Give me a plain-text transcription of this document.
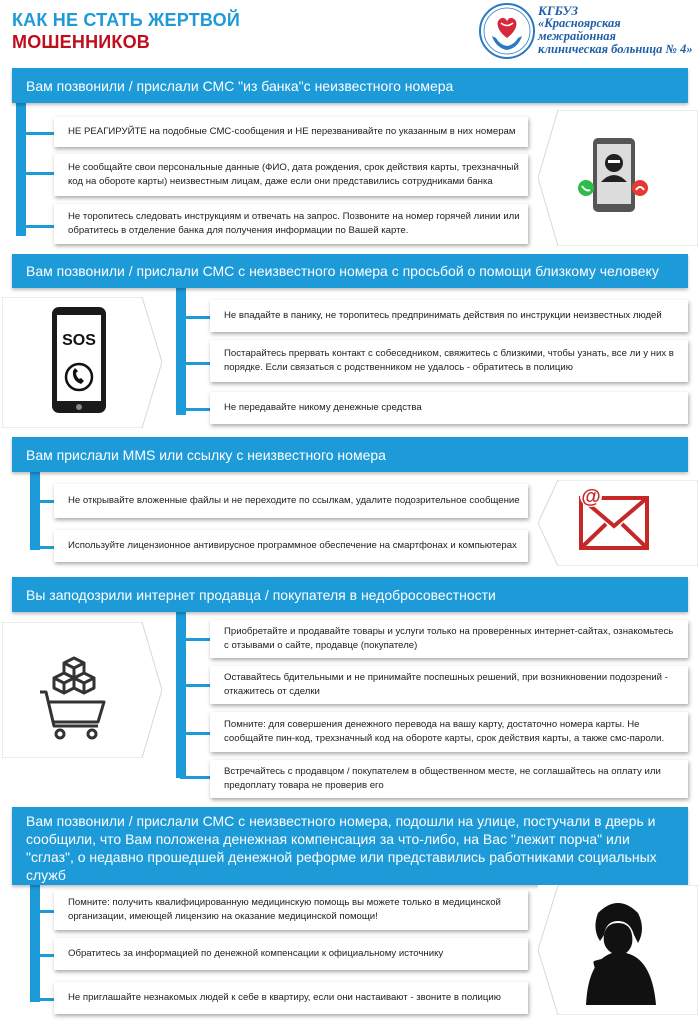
КАК НЕ СТАТЬ ЖЕРТВОЙ
МОШЕННИКОВ
КГБУЗ
«Красноярская межрайонная
клиническая больница № 4»
Вам позвонили / прислали СМС "из банка"с неизвестного номера
НЕ РЕАГИРУЙТЕ на подобные СМС-сообщения и НЕ перезванивайте по указанным в них номерам
Не сообщайте свои персональные данные (ФИО, дата рождения, срок действия карты, трехзначный код на обороте карты) неизвестным лицам, даже если они представились сотрудниками банка
Не торопитесь следовать инструкциям и отвечать на запрос. Позвоните на номер горячей линии или обратитесь в отделение банка для получения информации по Вашей карте.
Вам позвонили / прислали СМС с неизвестного номера с просьбой о помощи близкому человеку
Не впадайте в панику, не торопитесь предпринимать действия по инструкции неизвестных людей
Постарайтесь прервать контакт с собеседником, свяжитесь с близкими, чтобы узнать, все ли у них в порядке. Если связаться с родственником не удалось - обратитесь в полицию
Не передавайте никому денежные средства
SOS
Вам прислали MMS или ссылку с неизвестного номера
Не открывайте вложенные файлы и не переходите по ссылкам, удалите подозрительное сообщение
Используйте лицензионное антивирусное программное обеспечение на смартфонах и компьютерах
@
Вы заподозрили интернет продавца / покупателя в недобросовестности
Приобретайте и продавайте товары и услуги только на проверенных интернет-сайтах, ознакомьтесь с отзывами о сайте, продавце (покупателе)
Оставайтесь бдительными и не принимайте поспешных решений, при возникновении подозрений - откажитесь от сделки
Помните: для совершения денежного перевода на вашу карту, достаточно номера карты. Не сообщайте пин-код, трехзначный код на обороте карты, срок действия карты, а также смс-пароли.
Встречайтесь с продавцом / покупателем в общественном месте, не соглашайтесь на оплату или предоплату товара не проверив его
Вам позвонили / прислали СМС с неизвестного номера, подошли на улице, постучали в дверь и сообщили, что Вам положена денежная компенсация за что-либо, на Вас "лежит порча" или "сглаз", о недавно прошедшей денежной реформе или представились работниками социальных служб
Помните: получить квалифицированную медицинскую помощь вы можете только в медицинской организации, имеющей лицензию на оказание медицинской помощи!
Обратитесь за информацией по денежной компенсации к официальному источнику
Не приглашайте незнакомых людей к себе в квартиру, если они настаивают - звоните в полицию
